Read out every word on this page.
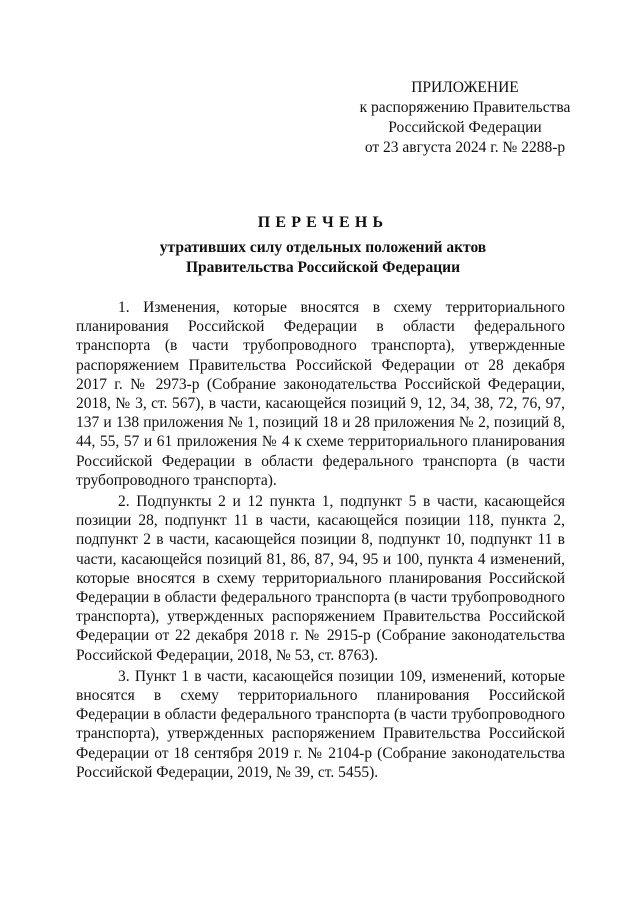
ПРИЛОЖЕНИЕ
к распоряжению Правительства
Российской Федерации
от 23 августа 2024 г. № 2288-р
ПЕРЕЧЕНЬ
утративших силу отдельных положений актов
Правительства Российской Федерации

1. Изменения, которые вносятся в схему территориального планирования Российской Федерации в области федерального транспорта (в части трубопроводного транспорта), утвержденные распоряжением Правительства Российской Федерации от 28 декабря 2017 г. № 2973-р (Собрание законодательства Российской Федерации, 2018, № 3, ст. 567), в части, касающейся позиций 9, 12, 34, 38, 72, 76, 97, 137 и 138 приложения № 1, позиций 18 и 28 приложения № 2, позиций 8, 44, 55, 57 и 61 приложения № 4 к схеме территориального планирования Российской Федерации в области федерального транспорта (в части трубопроводного транспорта).

2. Подпункты 2 и 12 пункта 1, подпункт 5 в части, касающейся позиции 28, подпункт 11 в части, касающейся позиции 118, пункта 2, подпункт 2 в части, касающейся позиции 8, подпункт 10, подпункт 11 в части, касающейся позиций 81, 86, 87, 94, 95 и 100, пункта 4 изменений, которые вносятся в схему территориального планирования Российской Федерации в области федерального транспорта (в части трубопроводного транспорта), утвержденных распоряжением Правительства Российской Федерации от 22 декабря 2018 г. № 2915-р (Собрание законодательства Российской Федерации, 2018, № 53, ст. 8763).

3. Пункт 1 в части, касающейся позиции 109, изменений, которые вносятся в схему территориального планирования Российской Федерации в области федерального транспорта (в части трубопроводного транспорта), утвержденных распоряжением Правительства Российской Федерации от 18 сентября 2019 г. № 2104-р (Собрание законодательства Российской Федерации, 2019, № 39, ст. 5455).
